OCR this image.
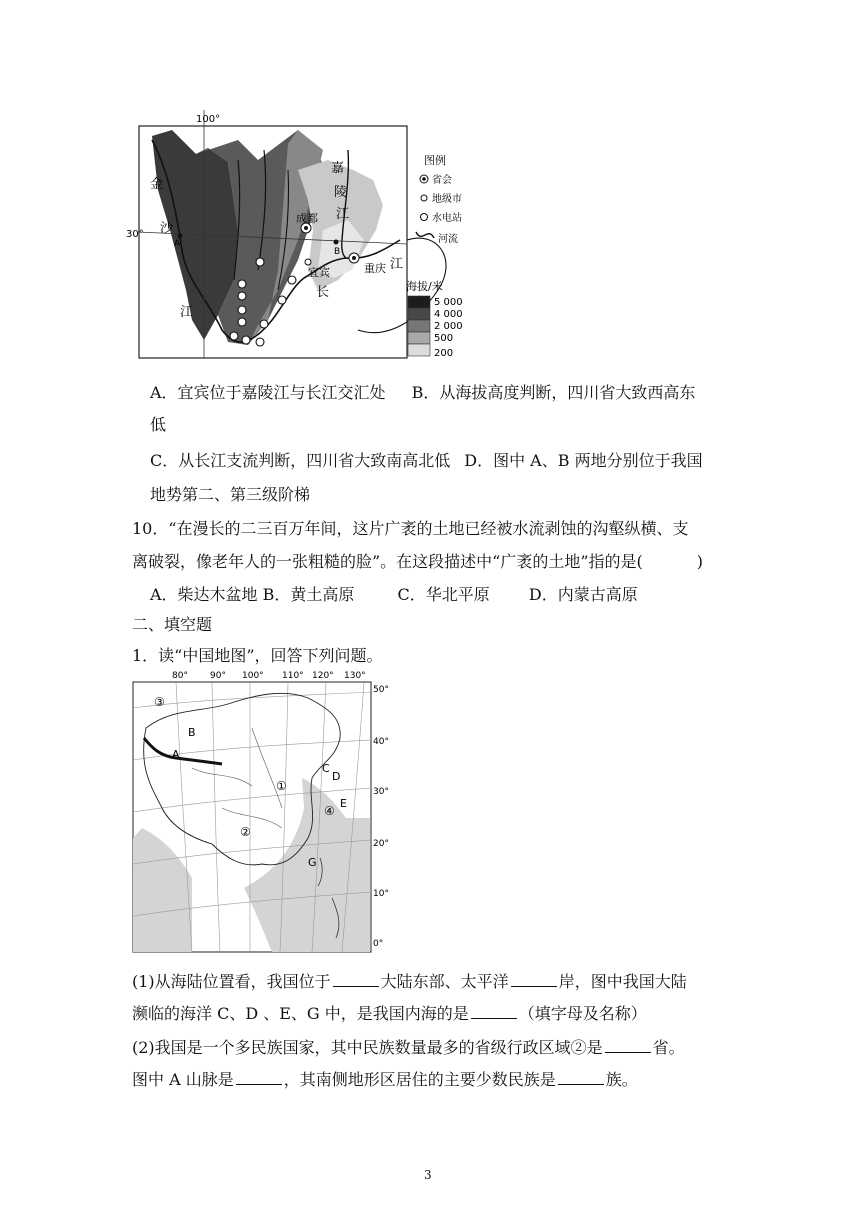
100°
30°
金
沙
江
嘉
陵
江
长
江
A
B
成都
宜宾	重庆
图例
省会
地级市
水电站
河流
海拔/米
5 000
4 000
2 000
500
200
A．宜宾位于嘉陵江与长江交汇处 B．从海拔高度判断，四川省大致西高东
低
C．从长江支流判断，四川省大致南高北低 D．图中 A、B 两地分别位于我国
地势第二、第三级阶梯
10．“在漫长的二三百万年间，这片广袤的土地已经被水流剥蚀的沟壑纵横、支
离破裂，像老年人的一张粗糙的脸”。在这段描述中“广袤的土地”指的是(	)
A．柴达木盆地 B．黄土高原	C．华北平原 D．内蒙古高原
二、填空题
1．读“中国地图”，回答下列问题。
80° 90° 100° 110° 120° 130°
50°
40°
30°
20°
10°
0°
③
B
A
C
D
①
④
E
②
G
(1)从海陆位置看，我国位于	大陆东部、太平洋	岸，图中我国大陆
濒临的海洋 C、D 、E、G 中，是我国内海的是	（填字母及名称）
(2)我国是一个多民族国家，其中民族数量最多的省级行政区域②是	省。
图中 A 山脉是	，其南侧地形区居住的主要少数民族是	族。
3
